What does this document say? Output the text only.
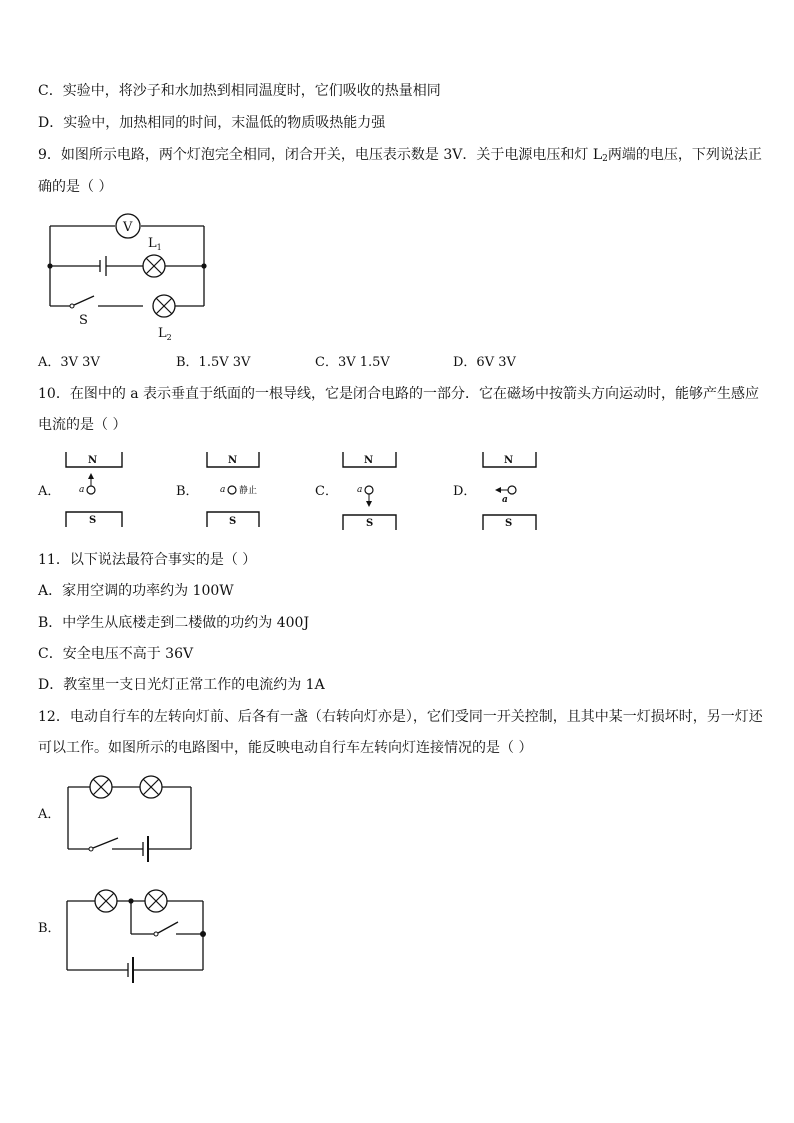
C．实验中，将沙子和水加热到相同温度时，它们吸收的热量相同
D．实验中，加热相同的时间，末温低的物质吸热能力强
9．如图所示电路，两个灯泡完全相同，闭合开关，电压表示数是 3V．关于电源电压和灯 $L_2$两端的电压，下列说法正
确的是（ ）
V
$L_1$
S
$L_2$
N
S
a
N
S
a 静止
N
S
a
N
S
a
A．3V 3V	B．1.5V 3V	C．3V 1.5V	D．6V 3V
10．在图中的 a 表示垂直于纸面的一根导线，它是闭合电路的一部分．它在磁场中按箭头方向运动时，能够产生感应
电流的是（ ）
A．	B．	C．	D．
11．以下说法最符合事实的是（ ）
A．家用空调的功率约为 100W
B．中学生从底楼走到二楼做的功约为 400J
C．安全电压不高于 36V
D．教室里一支日光灯正常工作的电流约为 1A
12．电动自行车的左转向灯前、后各有一盏（右转向灯亦是），它们受同一开关控制，且其中某一灯损坏时，另一灯还
可以工作。如图所示的电路图中，能反映电动自行车左转向灯连接情况的是（ ）
A．
B．
